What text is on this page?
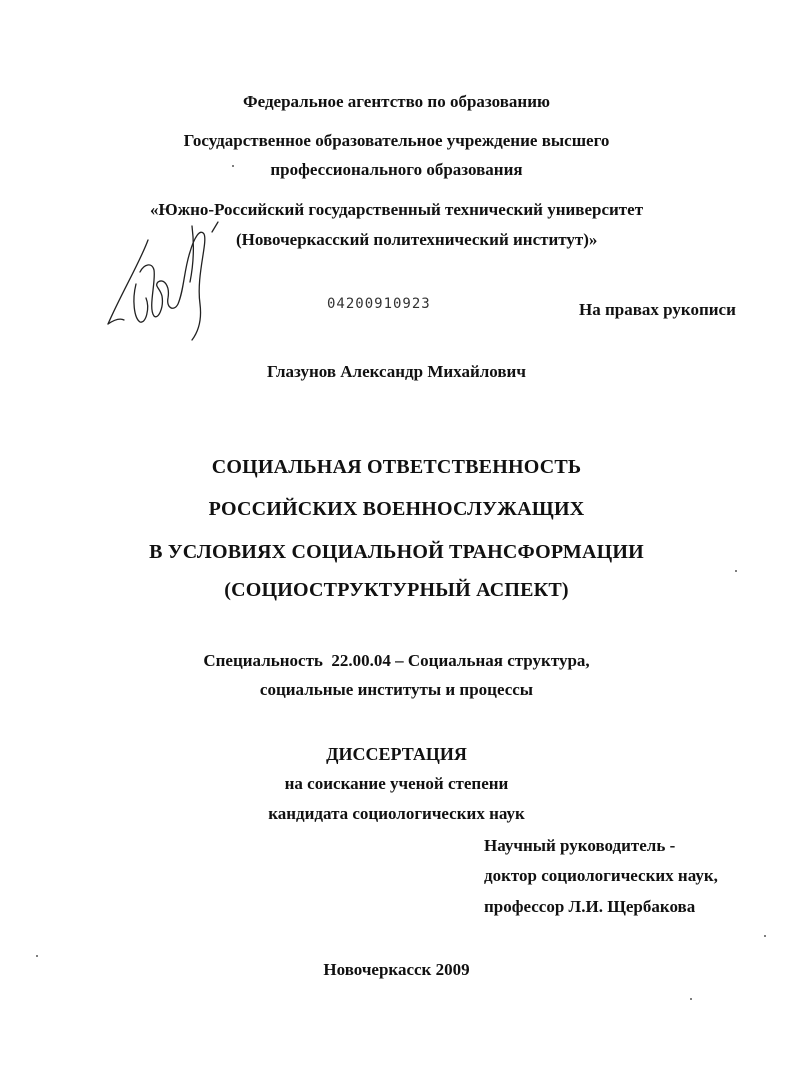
Федеральное агентство по образованию
Государственное образовательное учреждение высшего
профессионального образования
«Южно-Российский государственный технический университет
(Новочеркасский политехнический институт)»
04200910923	На правах рукописи
Глазунов Александр Михайлович
СОЦИАЛЬНАЯ ОТВЕТСТВЕННОСТЬ
РОССИЙСКИХ ВОЕННОСЛУЖАЩИХ
В УСЛОВИЯХ СОЦИАЛЬНОЙ ТРАНСФОРМАЦИИ
(СОЦИОСТРУКТУРНЫЙ АСПЕКТ)
Специальность  22.00.04 – Социальная структура,
социальные институты и процессы
ДИССЕРТАЦИЯ
на соискание ученой степени
кандидата социологических наук
Научный руководитель -
доктор социологических наук,
профессор Л.И. Щербакова
Новочеркасск 2009
